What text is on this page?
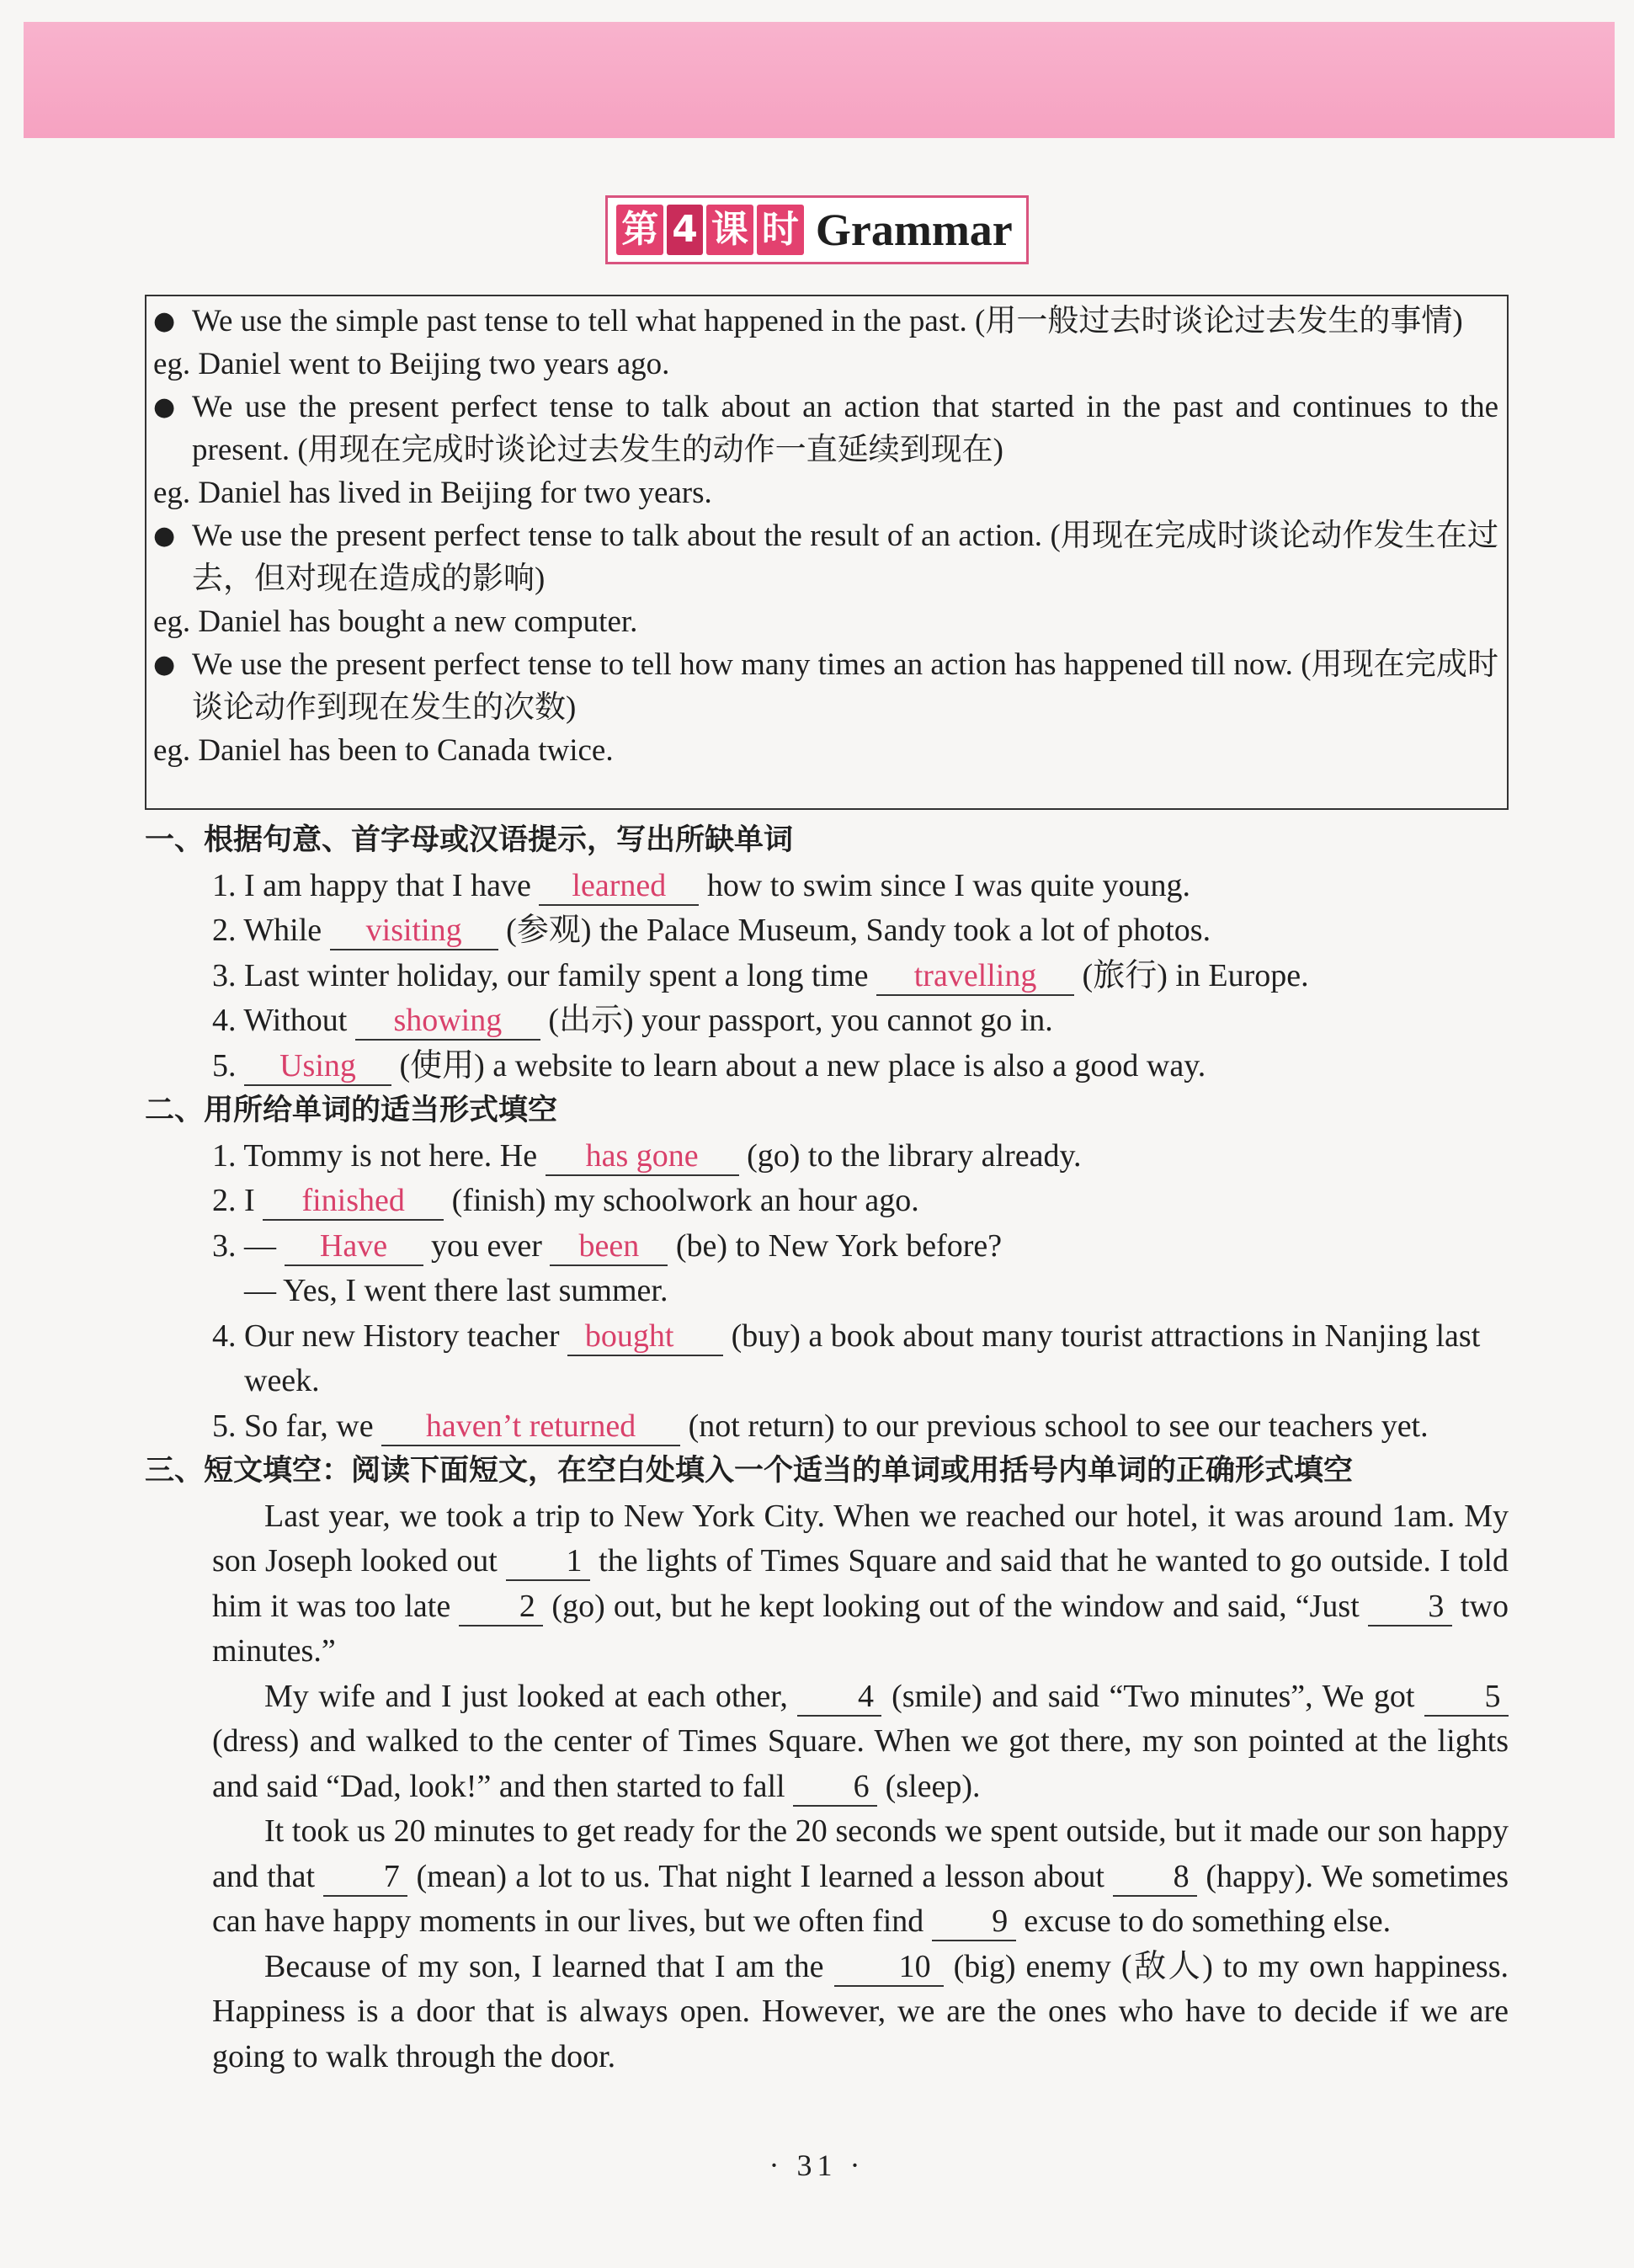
第 4 课 时 Grammar
● We use the simple past tense to tell what happened in the past. (用一般过去时谈论过去发生的事情)
eg. Daniel went to Beijing two years ago.
● We use the present perfect tense to talk about an action that started in the past and continues to the present. (用现在完成时谈论过去发生的动作一直延续到现在)
eg. Daniel has lived in Beijing for two years.
● We use the present perfect tense to talk about the result of an action. (用现在完成时谈论动作发生在过去，但对现在造成的影响)
eg. Daniel has bought a new computer.
● We use the present perfect tense to tell how many times an action has happened till now. (用现在完成时谈论动作到现在发生的次数)
eg. Daniel has been to Canada twice.
一、根据句意、首字母或汉语提示，写出所缺单词
1. I am happy that I have learned how to swim since I was quite young.
2. While visiting (参观) the Palace Museum, Sandy took a lot of photos.
3. Last winter holiday, our family spent a long time travelling (旅行) in Europe.
4. Without showing (出示) your passport, you cannot go in.
5. Using (使用) a website to learn about a new place is also a good way.
二、用所给单词的适当形式填空
1. Tommy is not here. He has gone (go) to the library already.
2. I finished (finish) my schoolwork an hour ago.
3. — Have you ever been (be) to New York before?
— Yes, I went there last summer.
4. Our new History teacher bought (buy) a book about many tourist attractions in Nanjing last week.
5. So far, we haven’t returned (not return) to our previous school to see our teachers yet.
三、短文填空：阅读下面短文，在空白处填入一个适当的单词或用括号内单词的正确形式填空
Last year, we took a trip to New York City. When we reached our hotel, it was around 1am. My son Joseph looked out 1 the lights of Times Square and said that he wanted to go outside. I told him it was too late 2 (go) out, but he kept looking out of the window and said, “Just 3 two minutes.”
My wife and I just looked at each other, 4 (smile) and said “Two minutes”, We got 5 (dress) and walked to the center of Times Square. When we got there, my son pointed at the lights and said “Dad, look!” and then started to fall 6 (sleep).
It took us 20 minutes to get ready for the 20 seconds we spent outside, but it made our son happy and that 7 (mean) a lot to us. That night I learned a lesson about 8 (happy). We sometimes can have happy moments in our lives, but we often find 9 excuse to do something else.
Because of my son, I learned that I am the 10 (big) enemy (敌人) to my own happiness. Happiness is a door that is always open. However, we are the ones who have to decide if we are going to walk through the door.
· 31 ·
